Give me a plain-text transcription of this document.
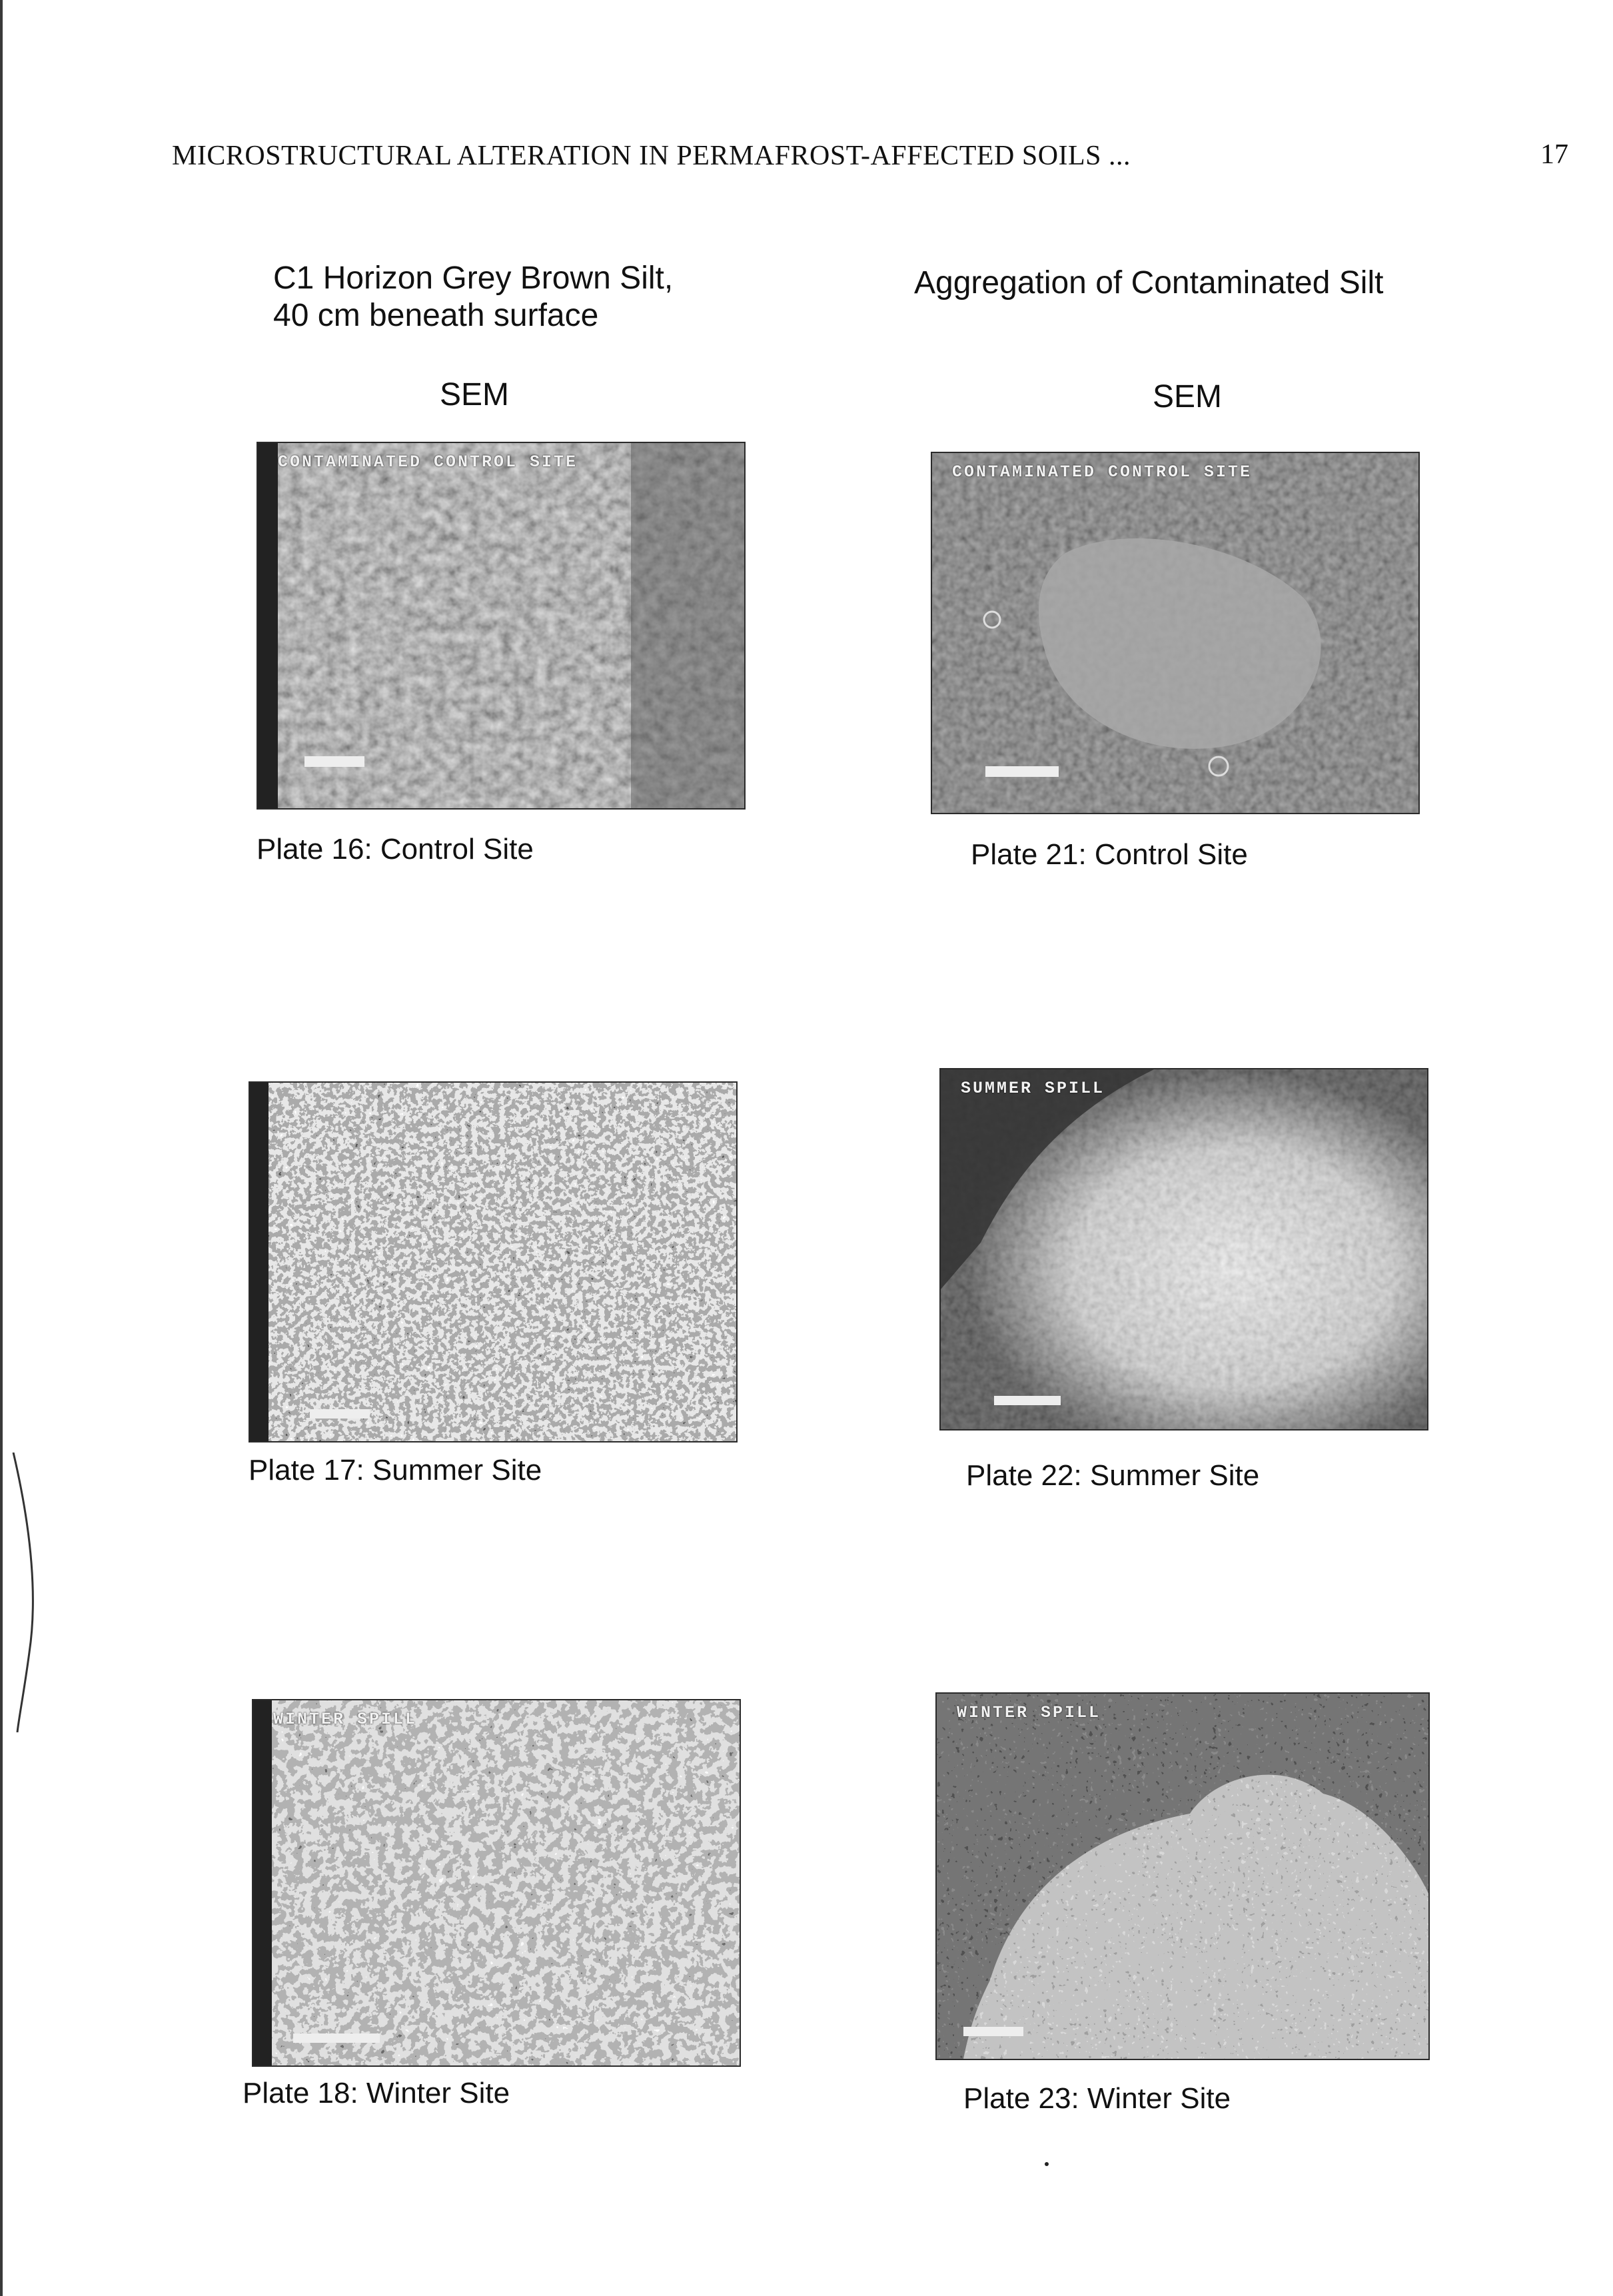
MICROSTRUCTURAL ALTERATION IN PERMAFROST-AFFECTED SOILS ...	17
C1 Horizon Grey Brown Silt,
40 cm beneath surface
SEM
Aggregation of Contaminated Silt
SEM
CONTAMINATED CONTROL SITE
Plate 16: Control Site
CONTAMINATED CONTROL SITE
Plate 21: Control Site
Plate 17: Summer Site
SUMMER SPILL
Plate 22: Summer Site
WINTER SPILL
Plate 18: Winter Site
WINTER SPILL
Plate 23: Winter Site
